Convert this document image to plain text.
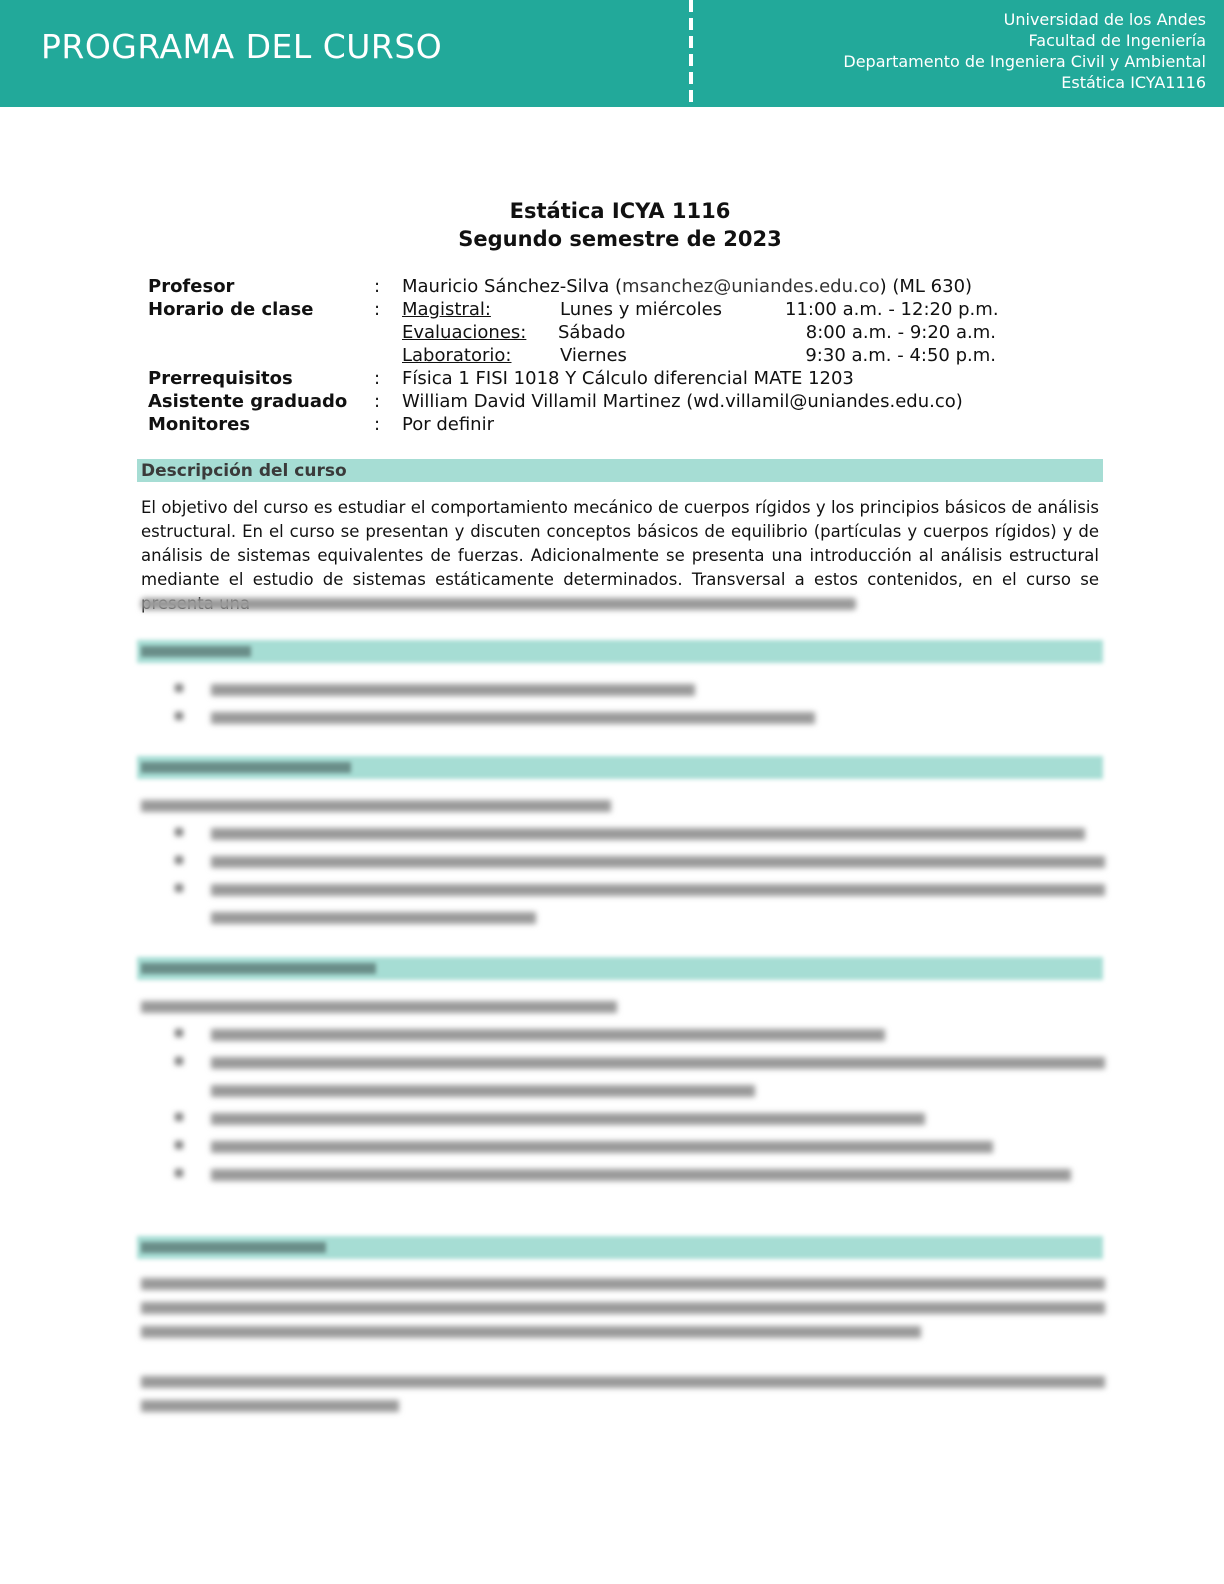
PROGRAMA DEL CURSO
Universidad de los Andes
Facultad de Ingeniería
Departamento de Ingeniera Civil y Ambiental
Estática ICYA1116
Estática ICYA 1116
Segundo semestre de 2023
Profesor	: Mauricio Sánchez-Silva (msanchez@uniandes.edu.co) (ML 630)
Horario de clase	: Magistral:	Lunes y miércoles	11:00 a.m. - 12:20 p.m.
Evaluaciones: Sábado	8:00 a.m. - 9:20 a.m.
Laboratorio:	Viernes	9:30 a.m. - 4:50 p.m.
Prerrequisitos	: Física 1 FISI 1018 Y Cálculo diferencial MATE 1203
Asistente graduado : William David Villamil Martinez (wd.villamil@uniandes.edu.co)
Monitores	: Por definir
Descripción del curso
El objetivo del curso es estudiar el comportamiento mecánico de cuerpos rígidos y los principios básicos de análisis estructural. En el curso se presentan y discuten conceptos básicos de equilibrio (partículas y cuerpos rígidos) y de análisis de sistemas equivalentes de fuerzas. Adicionalmente se presenta una introducción al análisis estructural mediante el estudio de sistemas estáticamente determinados. Transversal a estos contenidos, en el curso se
